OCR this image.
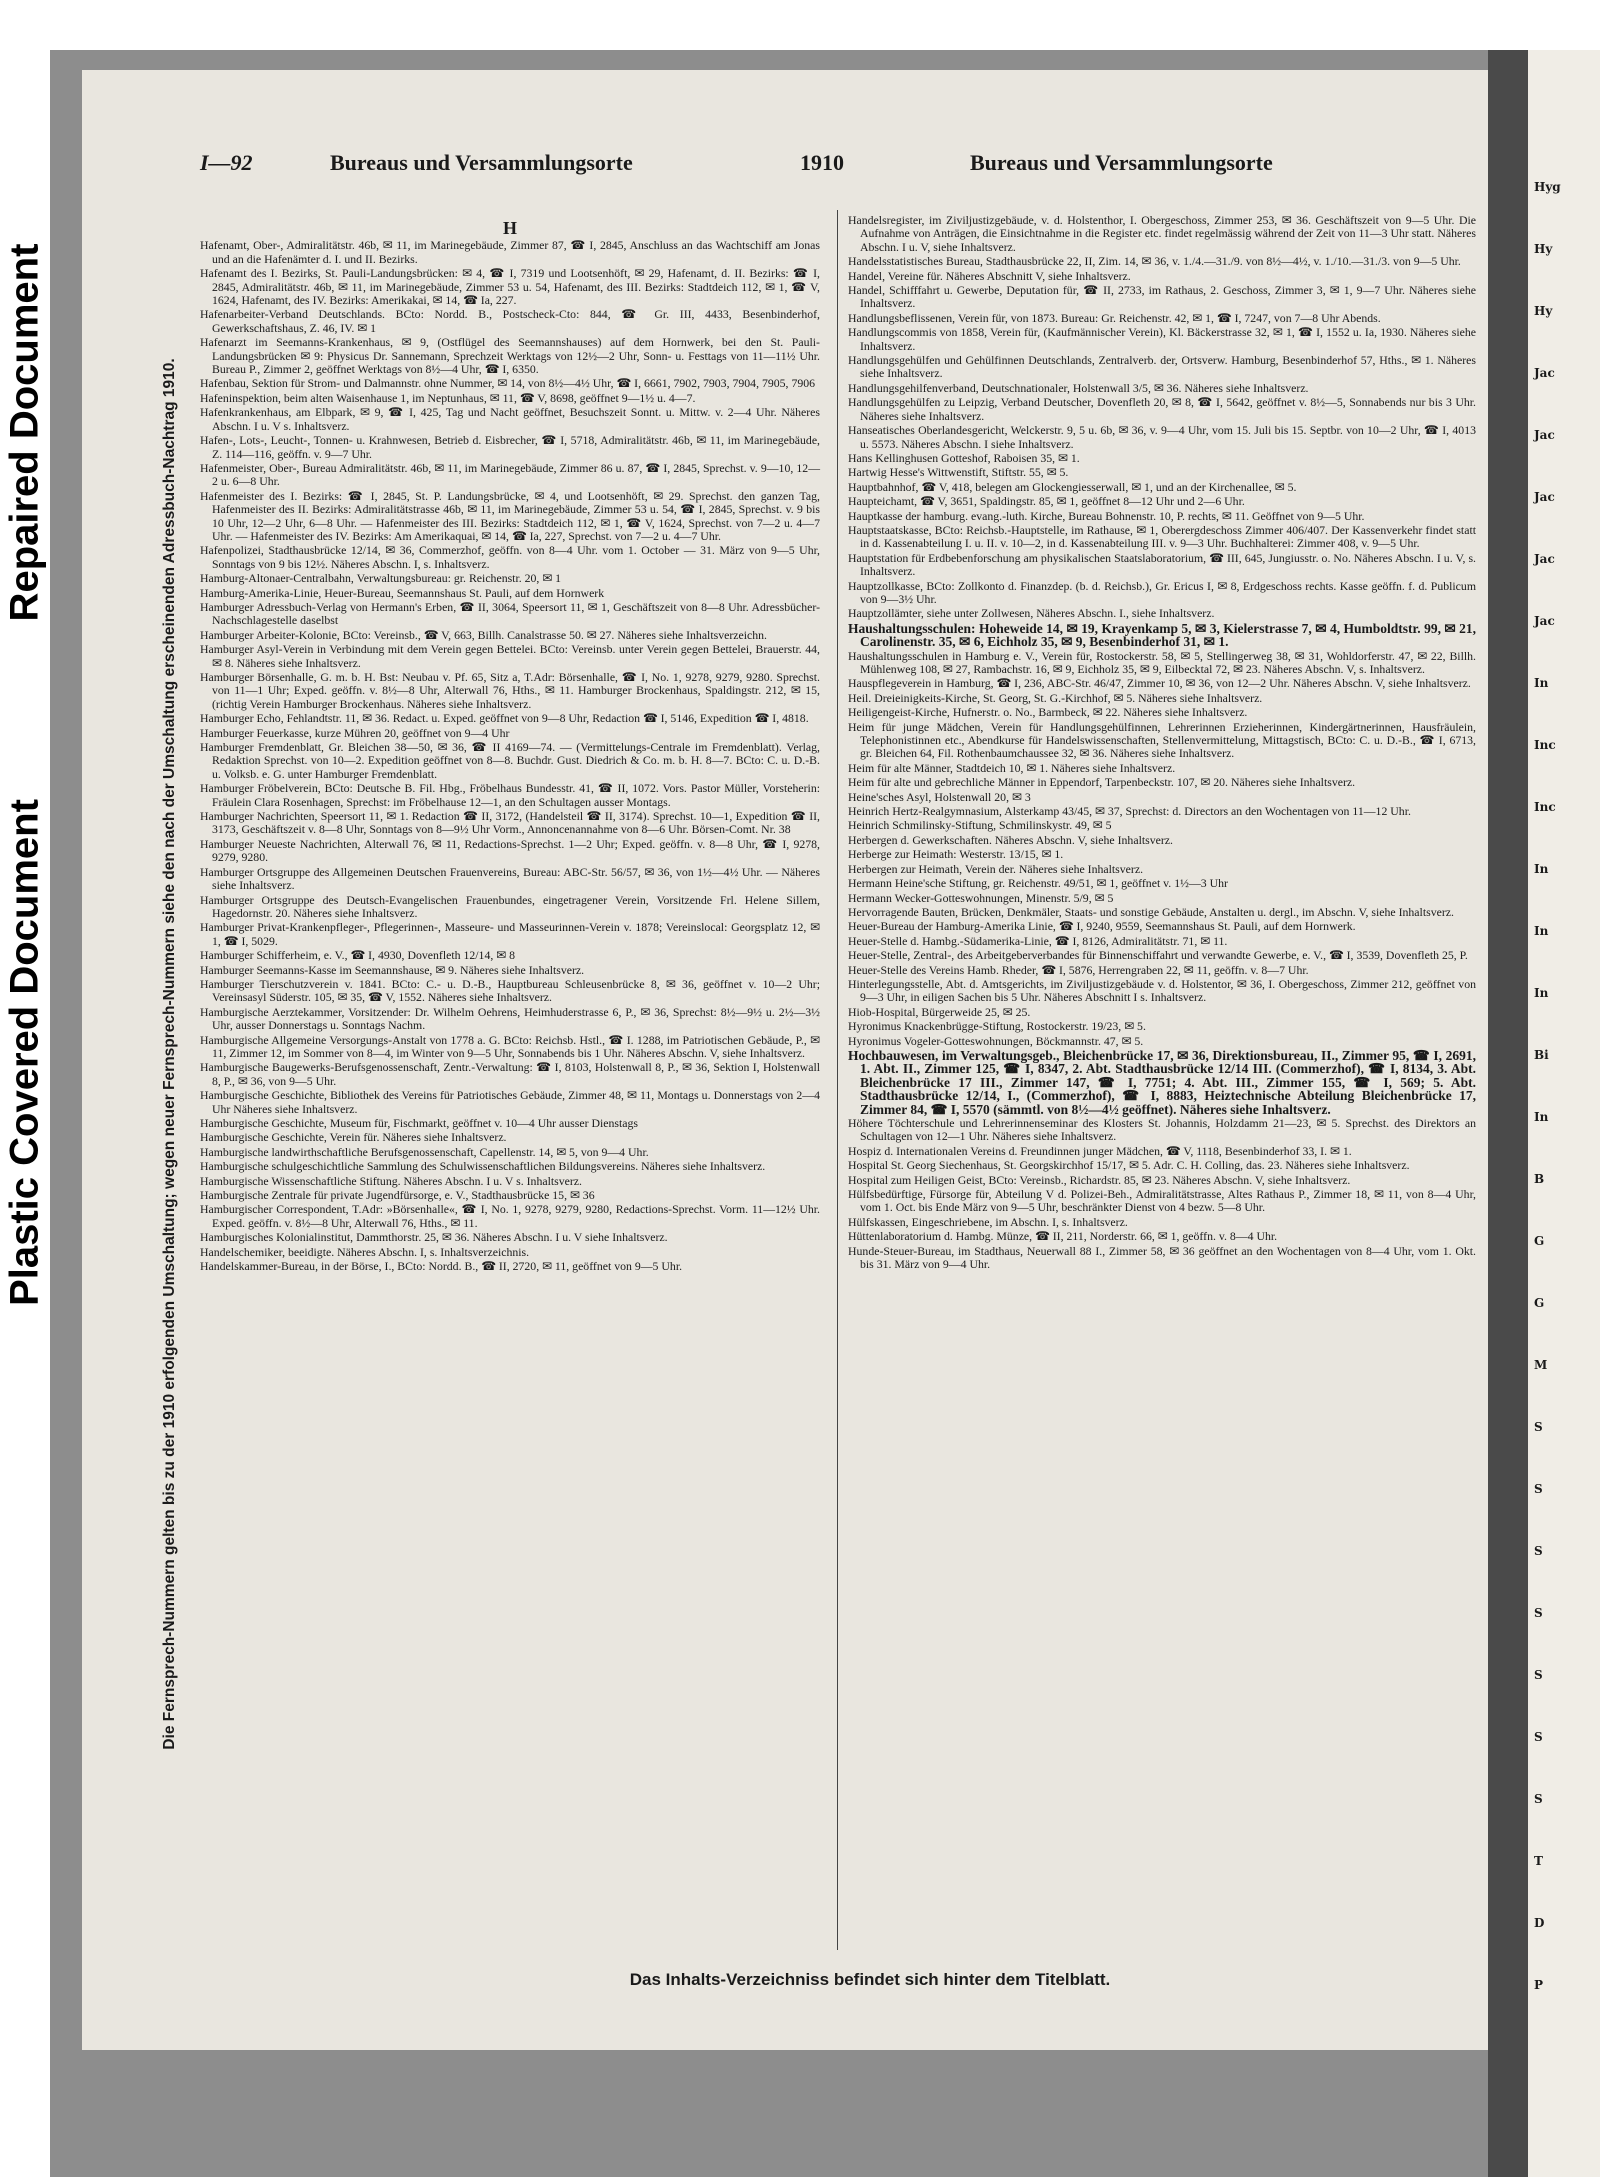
Plastic Covered Document
Repaired Document
Hyg
Hy
Hy
Jac
Jac
Jac
Jac
Jac
In
Inc
Inc
In
In
In
Bi
In
B
G
G
M
S
S
S
S
S
S
S
T
D
P
I—92	Bureaus und Versammlungsorte	1910	Bureaus und Versammlungsorte
Die Fernsprech-Nummern gelten bis zu der 1910 erfolgenden Umschaltung; wegen neuer Fernsprech-Nummern siehe den nach der Umschaltung erscheinenden Adressbuch-Nachtrag 1910.
H
Hafenamt, Ober-, Admiralitätstr. 46b, ✉ 11, im Marinegebäude, Zimmer 87, ☎ I, 2845, Anschluss an das Wachtschiff am Jonas und an die Hafenämter d. I. und II. Bezirks.
Hafenamt des I. Bezirks, St. Pauli-Landungsbrücken: ✉ 4, ☎ I, 7319 und Lootsenhöft, ✉ 29, Hafenamt, d. II. Bezirks: ☎ I, 2845, Admiralitätstr. 46b, ✉ 11, im Marinegebäude, Zimmer 53 u. 54, Hafenamt, des III. Bezirks: Stadtdeich 112, ✉ 1, ☎ V, 1624, Hafenamt, des IV. Bezirks: Amerikakai, ✉ 14, ☎ Ia, 227.
Hafenarbeiter-Verband Deutschlands. BCto: Nordd. B., Postscheck-Cto: 844, ☎ Gr. III, 4433, Besenbinderhof, Gewerkschaftshaus, Z. 46, IV. ✉ 1
Hafenarzt im Seemanns-Krankenhaus, ✉ 9, (Ostflügel des Seemannshauses) auf dem Hornwerk, bei den St. Pauli-Landungsbrücken ✉ 9: Physicus Dr. Sannemann, Sprechzeit Werktags von 12½—2 Uhr, Sonn- u. Festtags von 11—11½ Uhr. Bureau P., Zimmer 2, geöffnet Werktags von 8½—4 Uhr, ☎ I, 6350.
Hafenbau, Sektion für Strom- und Dalmannstr. ohne Nummer, ✉ 14, von 8½—4½ Uhr, ☎ I, 6661, 7902, 7903, 7904, 7905, 7906
Hafeninspektion, beim alten Waisenhause 1, im Neptunhaus, ✉ 11, ☎ V, 8698, geöffnet 9—1½ u. 4—7.
Hafenkrankenhaus, am Elbpark, ✉ 9, ☎ I, 425, Tag und Nacht geöffnet, Besuchszeit Sonnt. u. Mittw. v. 2—4 Uhr. Näheres Abschn. I u. V s. Inhaltsverz.
Hafen-, Lots-, Leucht-, Tonnen- u. Krahnwesen, Betrieb d. Eisbrecher, ☎ I, 5718, Admiralitätstr. 46b, ✉ 11, im Marinegebäude, Z. 114—116, geöffn. v. 9—7 Uhr.
Hafenmeister, Ober-, Bureau Admiralitätstr. 46b, ✉ 11, im Marinegebäude, Zimmer 86 u. 87, ☎ I, 2845, Sprechst. v. 9—10, 12—2 u. 6—8 Uhr.
Hafenmeister des I. Bezirks: ☎ I, 2845, St. P. Landungsbrücke, ✉ 4, und Lootsenhöft, ✉ 29. Sprechst. den ganzen Tag, Hafenmeister des II. Bezirks: Admiralitätstrasse 46b, ✉ 11, im Marinegebäude, Zimmer 53 u. 54, ☎ I, 2845, Sprechst. v. 9 bis 10 Uhr, 12—2 Uhr, 6—8 Uhr. — Hafenmeister des III. Bezirks: Stadtdeich 112, ✉ 1, ☎ V, 1624, Sprechst. von 7—2 u. 4—7 Uhr. — Hafenmeister des IV. Bezirks: Am Amerikaquai, ✉ 14, ☎ Ia, 227, Sprechst. von 7—2 u. 4—7 Uhr.
Hafenpolizei, Stadthausbrücke 12/14, ✉ 36, Commerzhof, geöffn. von 8—4 Uhr. vom 1. October — 31. März von 9—5 Uhr, Sonntags von 9 bis 12½. Näheres Abschn. I, s. Inhaltsverz.
Hamburg-Altonaer-Centralbahn, Verwaltungsbureau: gr. Reichenstr. 20, ✉ 1
Hamburg-Amerika-Linie, Heuer-Bureau, Seemannshaus St. Pauli, auf dem Hornwerk
Hamburger Adressbuch-Verlag von Hermann's Erben, ☎ II, 3064, Speersort 11, ✉ 1, Geschäftszeit von 8—8 Uhr. Adressbücher-Nachschlagestelle daselbst
Hamburger Arbeiter-Kolonie, BCto: Vereinsb., ☎ V, 663, Billh. Canalstrasse 50. ✉ 27. Näheres siehe Inhaltsverzeichn.
Hamburger Asyl-Verein in Verbindung mit dem Verein gegen Bettelei. BCto: Vereinsb. unter Verein gegen Bettelei, Brauerstr. 44, ✉ 8. Näheres siehe Inhaltsverz.
Hamburger Börsenhalle, G. m. b. H. Bst: Neubau v. Pf. 65, Sitz a, T.Adr: Börsenhalle, ☎ I, No. 1, 9278, 9279, 9280. Sprechst. von 11—1 Uhr; Exped. geöffn. v. 8½—8 Uhr, Alterwall 76, Hths., ✉ 11. Hamburger Brockenhaus, Spaldingstr. 212, ✉ 15, (richtig Verein Hamburger Brockenhaus. Näheres siehe Inhaltsverz.
Hamburger Echo, Fehlandtstr. 11, ✉ 36. Redact. u. Exped. geöffnet von 9—8 Uhr, Redaction ☎ I, 5146, Expedition ☎ I, 4818.
Hamburger Feuerkasse, kurze Mühren 20, geöffnet von 9—4 Uhr
Hamburger Fremdenblatt, Gr. Bleichen 38—50, ✉ 36, ☎ II 4169—74. — (Vermittelungs-Centrale im Fremdenblatt). Verlag, Redaktion Sprechst. von 10—2. Expedition geöffnet von 8—8. Buchdr. Gust. Diedrich & Co. m. b. H. 8—7. BCto: C. u. D.-B. u. Volksb. e. G. unter Hamburger Fremdenblatt.
Hamburger Fröbelverein, BCto: Deutsche B. Fil. Hbg., Fröbelhaus Bundesstr. 41, ☎ II, 1072. Vors. Pastor Müller, Vorsteherin: Fräulein Clara Rosenhagen, Sprechst: im Fröbelhause 12—1, an den Schultagen ausser Montags.
Hamburger Nachrichten, Speersort 11, ✉ 1. Redaction ☎ II, 3172, (Handelsteil ☎ II, 3174). Sprechst. 10—1, Expedition ☎ II, 3173, Geschäftszeit v. 8—8 Uhr, Sonntags von 8—9½ Uhr Vorm., Annoncenannahme von 8—6 Uhr. Börsen-Comt. Nr. 38
Hamburger Neueste Nachrichten, Alterwall 76, ✉ 11, Redactions-Sprechst. 1—2 Uhr; Exped. geöffn. v. 8—8 Uhr, ☎ I, 9278, 9279, 9280.
Hamburger Ortsgruppe des Allgemeinen Deutschen Frauenvereins, Bureau: ABC-Str. 56/57, ✉ 36, von 1½—4½ Uhr. — Näheres siehe Inhaltsverz.
Hamburger Ortsgruppe des Deutsch-Evangelischen Frauenbundes, eingetragener Verein, Vorsitzende Frl. Helene Sillem, Hagedornstr. 20. Näheres siehe Inhaltsverz.
Hamburger Privat-Krankenpfleger-, Pflegerinnen-, Masseure- und Masseurinnen-Verein v. 1878; Vereinslocal: Georgsplatz 12, ✉ 1, ☎ I, 5029.
Hamburger Schifferheim, e. V., ☎ I, 4930, Dovenfleth 12/14, ✉ 8
Hamburger Seemanns-Kasse im Seemannshause, ✉ 9. Näheres siehe Inhaltsverz.
Hamburger Tierschutzverein v. 1841. BCto: C.- u. D.-B., Hauptbureau Schleusenbrücke 8, ✉ 36, geöffnet v. 10—2 Uhr; Vereinsasyl Süderstr. 105, ✉ 35, ☎ V, 1552. Näheres siehe Inhaltsverz.
Hamburgische Aerztekammer, Vorsitzender: Dr. Wilhelm Oehrens, Heimhuderstrasse 6, P., ✉ 36, Sprechst: 8½—9½ u. 2½—3½ Uhr, ausser Donnerstags u. Sonntags Nachm.
Hamburgische Allgemeine Versorgungs-Anstalt von 1778 a. G. BCto: Reichsb. Hstl., ☎ I. 1288, im Patriotischen Gebäude, P., ✉ 11, Zimmer 12, im Sommer von 8—4, im Winter von 9—5 Uhr, Sonnabends bis 1 Uhr. Näheres Abschn. V, siehe Inhaltsverz.
Hamburgische Baugewerks-Berufsgenossenschaft, Zentr.-Verwaltung: ☎ I, 8103, Holstenwall 8, P., ✉ 36, Sektion I, Holstenwall 8, P., ✉ 36, von 9—5 Uhr.
Hamburgische Geschichte, Bibliothek des Vereins für Patriotisches Gebäude, Zimmer 48, ✉ 11, Montags u. Donnerstags von 2—4 Uhr Näheres siehe Inhaltsverz.
Hamburgische Geschichte, Museum für, Fischmarkt, geöffnet v. 10—4 Uhr ausser Dienstags
Hamburgische Geschichte, Verein für. Näheres siehe Inhaltsverz.
Hamburgische landwirthschaftliche Berufsgenossenschaft, Capellenstr. 14, ✉ 5, von 9—4 Uhr.
Hamburgische schulgeschichtliche Sammlung des Schulwissenschaftlichen Bildungsvereins. Näheres siehe Inhaltsverz.
Hamburgische Wissenschaftliche Stiftung. Näheres Abschn. I u. V s. Inhaltsverz.
Hamburgische Zentrale für private Jugendfürsorge, e. V., Stadthausbrücke 15, ✉ 36
Hamburgischer Correspondent, T.Adr: »Börsenhalle«, ☎ I, No. 1, 9278, 9279, 9280, Redactions-Sprechst. Vorm. 11—12½ Uhr. Exped. geöffn. v. 8½—8 Uhr, Alterwall 76, Hths., ✉ 11.
Hamburgisches Kolonialinstitut, Dammthorstr. 25, ✉ 36. Näheres Abschn. I u. V siehe Inhaltsverz.
Handelschemiker, beeidigte. Näheres Abschn. I, s. Inhaltsverzeichnis.
Handelskammer-Bureau, in der Börse, I., BCto: Nordd. B., ☎ II, 2720, ✉ 11, geöffnet von 9—5 Uhr.
Handelsregister, im Ziviljustizgebäude, v. d. Holstenthor, I. Obergeschoss, Zimmer 253, ✉ 36. Geschäftszeit von 9—5 Uhr. Die Aufnahme von Anträgen, die Einsichtnahme in die Register etc. findet regelmässig während der Zeit von 11—3 Uhr statt. Näheres Abschn. I u. V, siehe Inhaltsverz.
Handelsstatistisches Bureau, Stadthausbrücke 22, II, Zim. 14, ✉ 36, v. 1./4.—31./9. von 8½—4½, v. 1./10.—31./3. von 9—5 Uhr.
Handel, Vereine für. Näheres Abschnitt V, siehe Inhaltsverz.
Handel, Schifffahrt u. Gewerbe, Deputation für, ☎ II, 2733, im Rathaus, 2. Geschoss, Zimmer 3, ✉ 1, 9—7 Uhr. Näheres siehe Inhaltsverz.
Handlungsbeflissenen, Verein für, von 1873. Bureau: Gr. Reichenstr. 42, ✉ 1, ☎ I, 7247, von 7—8 Uhr Abends.
Handlungscommis von 1858, Verein für, (Kaufmännischer Verein), Kl. Bäckerstrasse 32, ✉ 1, ☎ I, 1552 u. Ia, 1930. Näheres siehe Inhaltsverz.
Handlungsgehülfen und Gehülfinnen Deutschlands, Zentralverb. der, Ortsverw. Hamburg, Besenbinderhof 57, Hths., ✉ 1. Näheres siehe Inhaltsverz.
Handlungsgehilfenverband, Deutschnationaler, Holstenwall 3/5, ✉ 36. Näheres siehe Inhaltsverz.
Handlungsgehülfen zu Leipzig, Verband Deutscher, Dovenfleth 20, ✉ 8, ☎ I, 5642, geöffnet v. 8½—5, Sonnabends nur bis 3 Uhr. Näheres siehe Inhaltsverz.
Hanseatisches Oberlandesgericht, Welckerstr. 9, 5 u. 6b, ✉ 36, v. 9—4 Uhr, vom 15. Juli bis 15. Septbr. von 10—2 Uhr, ☎ I, 4013 u. 5573. Näheres Abschn. I siehe Inhaltsverz.
Hans Kellinghusen Gotteshof, Raboisen 35, ✉ 1.
Hartwig Hesse's Wittwenstift, Stiftstr. 55, ✉ 5.
Hauptbahnhof, ☎ V, 418, belegen am Glockengiesserwall, ✉ 1, und an der Kirchenallee, ✉ 5.
Haupteichamt, ☎ V, 3651, Spaldingstr. 85, ✉ 1, geöffnet 8—12 Uhr und 2—6 Uhr.
Hauptkasse der hamburg. evang.-luth. Kirche, Bureau Bohnenstr. 10, P. rechts, ✉ 11. Geöffnet von 9—5 Uhr.
Hauptstaatskasse, BCto: Reichsb.-Hauptstelle, im Rathause, ✉ 1, Oberergdeschoss Zimmer 406/407. Der Kassenverkehr findet statt in d. Kassenabteilung I. u. II. v. 10—2, in d. Kassenabteilung III. v. 9—3 Uhr. Buchhalterei: Zimmer 408, v. 9—5 Uhr.
Hauptstation für Erdbebenforschung am physikalischen Staatslaboratorium, ☎ III, 645, Jungiusstr. o. No. Näheres Abschn. I u. V, s. Inhaltsverz.
Hauptzollkasse, BCto: Zollkonto d. Finanzdep. (b. d. Reichsb.), Gr. Ericus I, ✉ 8, Erdgeschoss rechts. Kasse geöffn. f. d. Publicum von 9—3½ Uhr.
Hauptzollämter, siehe unter Zollwesen, Näheres Abschn. I., siehe Inhaltsverz.
Haushaltungsschulen: Hoheweide 14, ✉ 19, Krayenkamp 5, ✉ 3, Kielerstrasse 7, ✉ 4, Humboldtstr. 99, ✉ 21, Carolinenstr. 35, ✉ 6, Eichholz 35, ✉ 9, Besenbinderhof 31, ✉ 1.
Haushaltungsschulen in Hamburg e. V., Verein für, Rostockerstr. 58, ✉ 5, Stellingerweg 38, ✉ 31, Wohldorferstr. 47, ✉ 22, Billh. Mühlenweg 108, ✉ 27, Rambachstr. 16, ✉ 9, Eichholz 35, ✉ 9, Eilbecktal 72, ✉ 23. Näheres Abschn. V, s. Inhaltsverz.
Hauspflegeverein in Hamburg, ☎ I, 236, ABC-Str. 46/47, Zimmer 10, ✉ 36, von 12—2 Uhr. Näheres Abschn. V, siehe Inhaltsverz.
Heil. Dreieinigkeits-Kirche, St. Georg, St. G.-Kirchhof, ✉ 5. Näheres siehe Inhaltsverz.
Heiligengeist-Kirche, Hufnerstr. o. No., Barmbeck, ✉ 22. Näheres siehe Inhaltsverz.
Heim für junge Mädchen, Verein für Handlungsgehülfinnen, Lehrerinnen Erzieherinnen, Kindergärtnerinnen, Hausfräulein, Telephonistinnen etc., Abendkurse für Handelswissenschaften, Stellenvermittelung, Mittagstisch, BCto: C. u. D.-B., ☎ I, 6713, gr. Bleichen 64, Fil. Rothenbaumchaussee 32, ✉ 36. Näheres siehe Inhaltsverz.
Heim für alte Männer, Stadtdeich 10, ✉ 1. Näheres siehe Inhaltsverz.
Heim für alte und gebrechliche Männer in Eppendorf, Tarpenbeckstr. 107, ✉ 20. Näheres siehe Inhaltsverz.
Heine'sches Asyl, Holstenwall 20, ✉ 3
Heinrich Hertz-Realgymnasium, Alsterkamp 43/45, ✉ 37, Sprechst: d. Directors an den Wochentagen von 11—12 Uhr.
Heinrich Schmilinsky-Stiftung, Schmilinskystr. 49, ✉ 5
Herbergen d. Gewerkschaften. Näheres Abschn. V, siehe Inhaltsverz.
Herberge zur Heimath: Westerstr. 13/15, ✉ 1.
Herbergen zur Heimath, Verein der. Näheres siehe Inhaltsverz.
Hermann Heine'sche Stiftung, gr. Reichenstr. 49/51, ✉ 1, geöffnet v. 1½—3 Uhr
Hermann Wecker-Gotteswohnungen, Minenstr. 5/9, ✉ 5
Hervorragende Bauten, Brücken, Denkmäler, Staats- und sonstige Gebäude, Anstalten u. dergl., im Abschn. V, siehe Inhaltsverz.
Heuer-Bureau der Hamburg-Amerika Linie, ☎ I, 9240, 9559, Seemannshaus St. Pauli, auf dem Hornwerk.
Heuer-Stelle d. Hambg.-Südamerika-Linie, ☎ I, 8126, Admiralitätstr. 71, ✉ 11.
Heuer-Stelle, Zentral-, des Arbeitgeberverbandes für Binnenschiffahrt und verwandte Gewerbe, e. V., ☎ I, 3539, Dovenfleth 25, P.
Heuer-Stelle des Vereins Hamb. Rheder, ☎ I, 5876, Herrengraben 22, ✉ 11, geöffn. v. 8—7 Uhr.
Hinterlegungsstelle, Abt. d. Amtsgerichts, im Ziviljustizgebäude v. d. Holstentor, ✉ 36, I. Obergeschoss, Zimmer 212, geöffnet von 9—3 Uhr, in eiligen Sachen bis 5 Uhr. Näheres Abschnitt I s. Inhaltsverz.
Hiob-Hospital, Bürgerweide 25, ✉ 25.
Hyronimus Knackenbrügge-Stiftung, Rostockerstr. 19/23, ✉ 5.
Hyronimus Vogeler-Gotteswohnungen, Böckmannstr. 47, ✉ 5.
Hochbauwesen, im Verwaltungsgeb., Bleichenbrücke 17, ✉ 36, Direktionsbureau, II., Zimmer 95, ☎ I, 2691, 1. Abt. II., Zimmer 125, ☎ I, 8347, 2. Abt. Stadthausbrücke 12/14 III. (Commerzhof), ☎ I, 8134, 3. Abt. Bleichenbrücke 17 III., Zimmer 147, ☎ I, 7751; 4. Abt. III., Zimmer 155, ☎ I, 569; 5. Abt. Stadthausbrücke 12/14, I., (Commerzhof), ☎ I, 8883, Heiztechnische Abteilung Bleichenbrücke 17, Zimmer 84, ☎ I, 5570 (sämmtl. von 8½—4½ geöffnet). Näheres siehe Inhaltsverz.
Höhere Töchterschule und Lehrerinnenseminar des Klosters St. Johannis, Holzdamm 21—23, ✉ 5. Sprechst. des Direktors an Schultagen von 12—1 Uhr. Näheres siehe Inhaltsverz.
Hospiz d. Internationalen Vereins d. Freundinnen junger Mädchen, ☎ V, 1118, Besenbinderhof 33, I. ✉ 1.
Hospital St. Georg Siechenhaus, St. Georgskirchhof 15/17, ✉ 5. Adr. C. H. Colling, das. 23. Näheres siehe Inhaltsverz.
Hospital zum Heiligen Geist, BCto: Vereinsb., Richardstr. 85, ✉ 23. Näheres Abschn. V, siehe Inhaltsverz.
Hülfsbedürftige, Fürsorge für, Abteilung V d. Polizei-Beh., Admiralitätstrasse, Altes Rathaus P., Zimmer 18, ✉ 11, von 8—4 Uhr, vom 1. Oct. bis Ende März von 9—5 Uhr, beschränkter Dienst von 4 bezw. 5—8 Uhr.
Hülfskassen, Eingeschriebene, im Abschn. I, s. Inhaltsverz.
Hüttenlaboratorium d. Hambg. Münze, ☎ II, 211, Norderstr. 66, ✉ 1, geöffn. v. 8—4 Uhr.
Hunde-Steuer-Bureau, im Stadthaus, Neuerwall 88 I., Zimmer 58, ✉ 36 geöffnet an den Wochentagen von 8—4 Uhr, vom 1. Okt. bis 31. März von 9—4 Uhr.
Das Inhalts-Verzeichniss befindet sich hinter dem Titelblatt.
